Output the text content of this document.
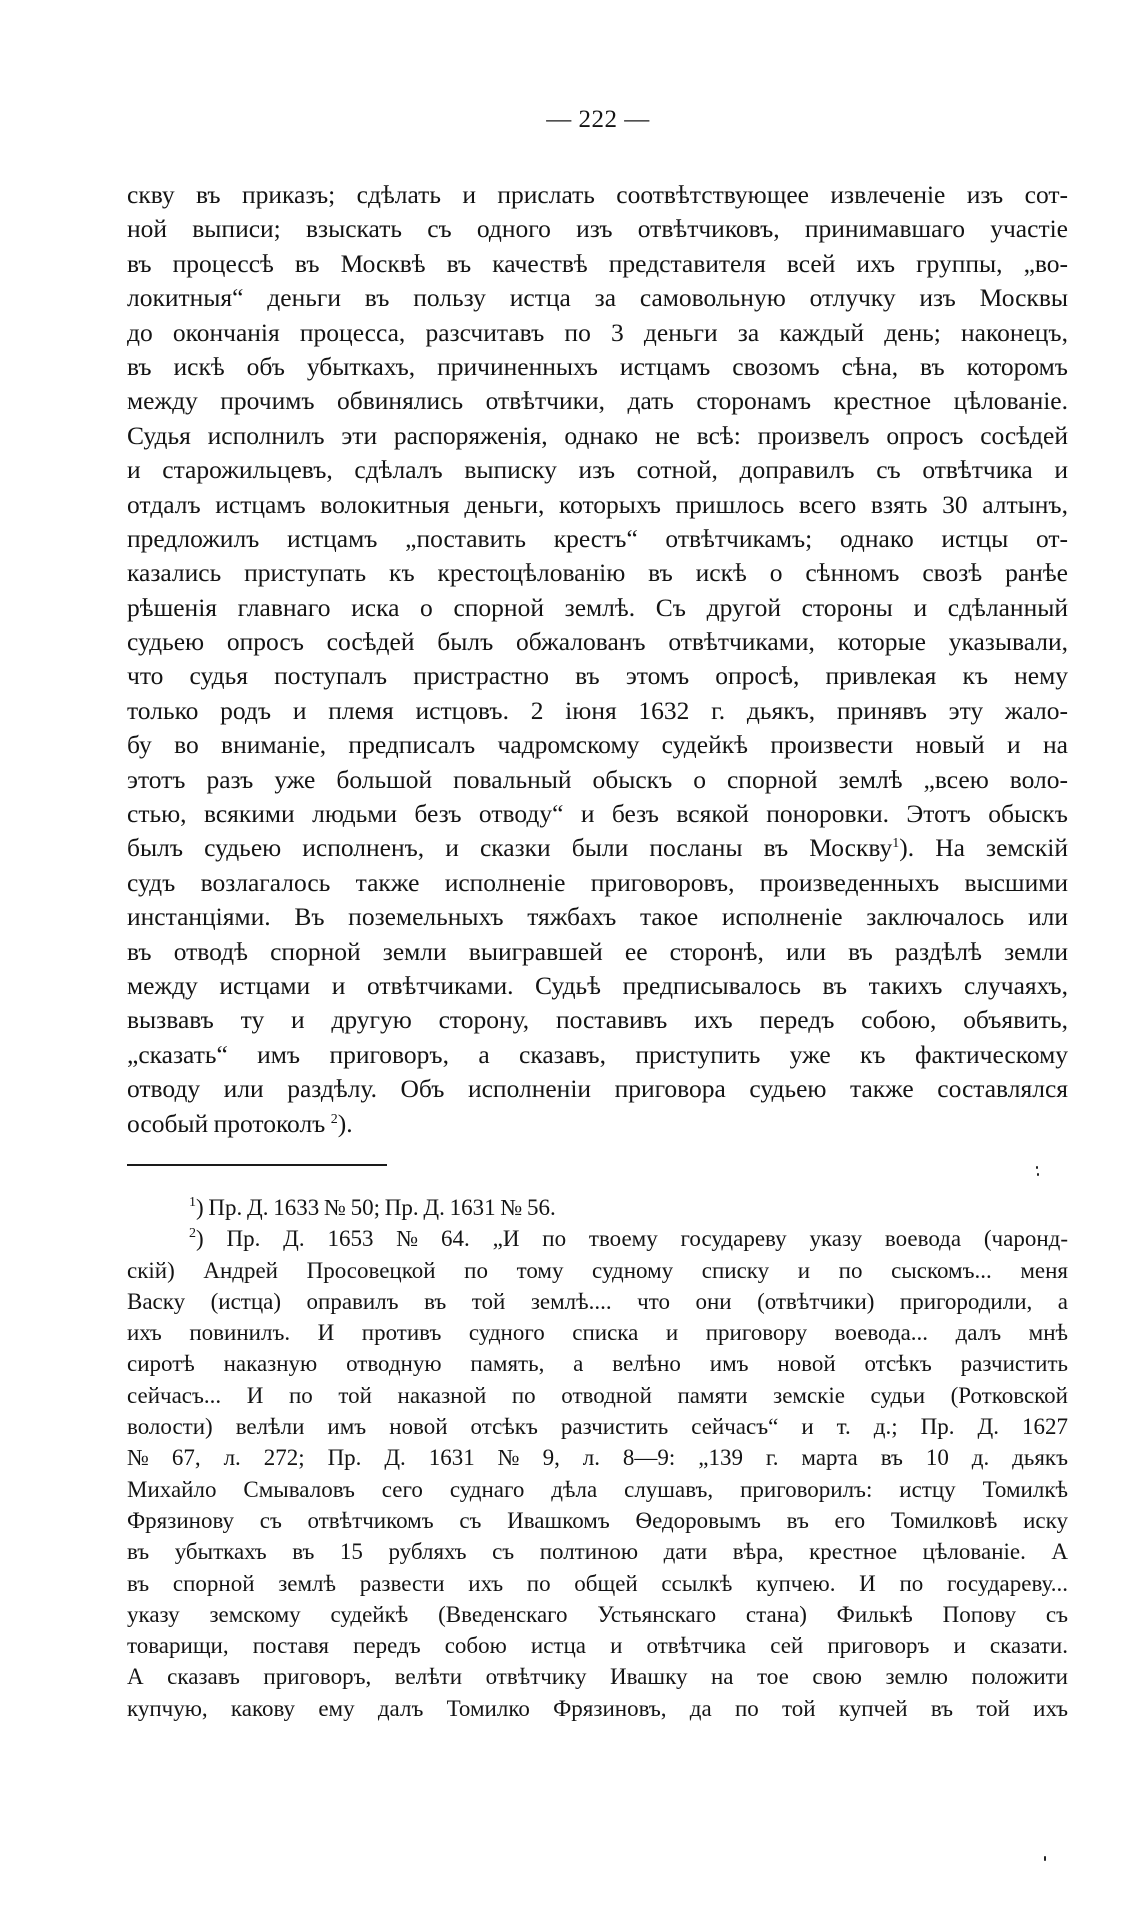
— 222 —
скву въ приказъ; сдѣлать и прислать соотвѣтствующее извлеченіе изъ сот-
ной выписи; взыскать съ одного изъ отвѣтчиковъ, принимавшаго участіе
въ процессѣ въ Москвѣ въ качествѣ представителя всей ихъ группы, „во-
локитныя“ деньги въ пользу истца за самовольную отлучку изъ Москвы
до окончанія процесса, разсчитавъ по 3 деньги за каждый день; наконецъ,
въ искѣ объ убыткахъ, причиненныхъ истцамъ свозомъ сѣна, въ которомъ
между прочимъ обвинялись отвѣтчики, дать сторонамъ крестное цѣлованіе.
Судья исполнилъ эти распоряженія, однако не всѣ: произвелъ опросъ сосѣдей
и старожильцевъ, сдѣлалъ выписку изъ сотной, доправилъ съ отвѣтчика и
отдалъ истцамъ волокитныя деньги, которыхъ пришлось всего взять 30 алтынъ,
предложилъ истцамъ „поставить крестъ“ отвѣтчикамъ; однако истцы от-
казались приступать къ крестоцѣлованію въ искѣ о сѣнномъ свозѣ ранѣе
рѣшенія главнаго иска о спорной землѣ. Съ другой стороны и сдѣланный
судьею опросъ сосѣдей былъ обжалованъ отвѣтчиками, которые указывали,
что судья поступалъ пристрастно въ этомъ опросѣ, привлекая къ нему
только родъ и племя истцовъ. 2 іюня 1632 г. дьякъ, принявъ эту жало-
бу во вниманіе, предписалъ чадромскому судейкѣ произвести новый и на
этотъ разъ уже большой повальный обыскъ о спорной землѣ „всею воло-
стью, всякими людьми безъ отводу“ и безъ всякой поноровки. Этотъ обыскъ
былъ судьею исполненъ, и сказки были посланы въ Москву$^1$). На земскій
судъ возлагалось также исполненіе приговоровъ, произведенныхъ высшими
инстанціями. Въ поземельныхъ тяжбахъ такое исполненіе заключалось или
въ отводѣ спорной земли выигравшей ее сторонѣ, или въ раздѣлѣ земли
между истцами и отвѣтчиками. Судьѣ предписывалось въ такихъ случаяхъ,
вызвавъ ту и другую сторону, поставивъ ихъ передъ собою, объявить,
„сказать“ имъ приговоръ, а сказавъ, приступить уже къ фактическому
отводу или раздѣлу. Объ исполненіи приговора судьею также составлялся
особый протоколъ $^2$).
$^1$) Пр. Д. 1633 № 50; Пр. Д. 1631 № 56.
$^2$) Пр. Д. 1653 № 64. „И по твоему государеву указу воевода (чаронд-
скій) Андрей Просовецкой по тому судному списку и по сыскомъ... меня
Васку (истца) оправилъ въ той землѣ.... что они (отвѣтчики) пригородили, а
ихъ повинилъ. И противъ судного списка и приговору воевода... далъ мнѣ
сиротѣ наказную отводную память, а велѣно имъ новой отсѣкъ разчистить
сейчасъ... И по той наказной по отводной памяти земскіе судьи (Ротковской
волости) велѣли имъ новой отсѣкъ разчистить сейчасъ“ и т. д.; Пр. Д. 1627
№ 67, л. 272; Пр. Д. 1631 № 9, л. 8—9: „139 г. марта въ 10 д. дьякъ
Михайло Смываловъ сего суднаго дѣла слушавъ, приговорилъ: истцу Томилкѣ
Фрязинову съ отвѣтчикомъ съ Ивашкомъ Ѳедоровымъ въ его Томилковѣ иску
въ убыткахъ въ 15 рубляхъ съ полтиною дати вѣра, крестное цѣлованіе. А
въ спорной землѣ развести ихъ по общей ссылкѣ купчею. И по государеву...
указу земскому судейкѣ (Введенскаго Устьянскаго стана) Филькѣ Попову съ
товарищи, поставя передъ собою истца и отвѣтчика сей приговоръ и сказати.
А сказавъ приговоръ, велѣти отвѣтчику Ивашку на тое свою землю положити
купчую, какову ему далъ Томилко Фрязиновъ, да по той купчей въ той ихъ
